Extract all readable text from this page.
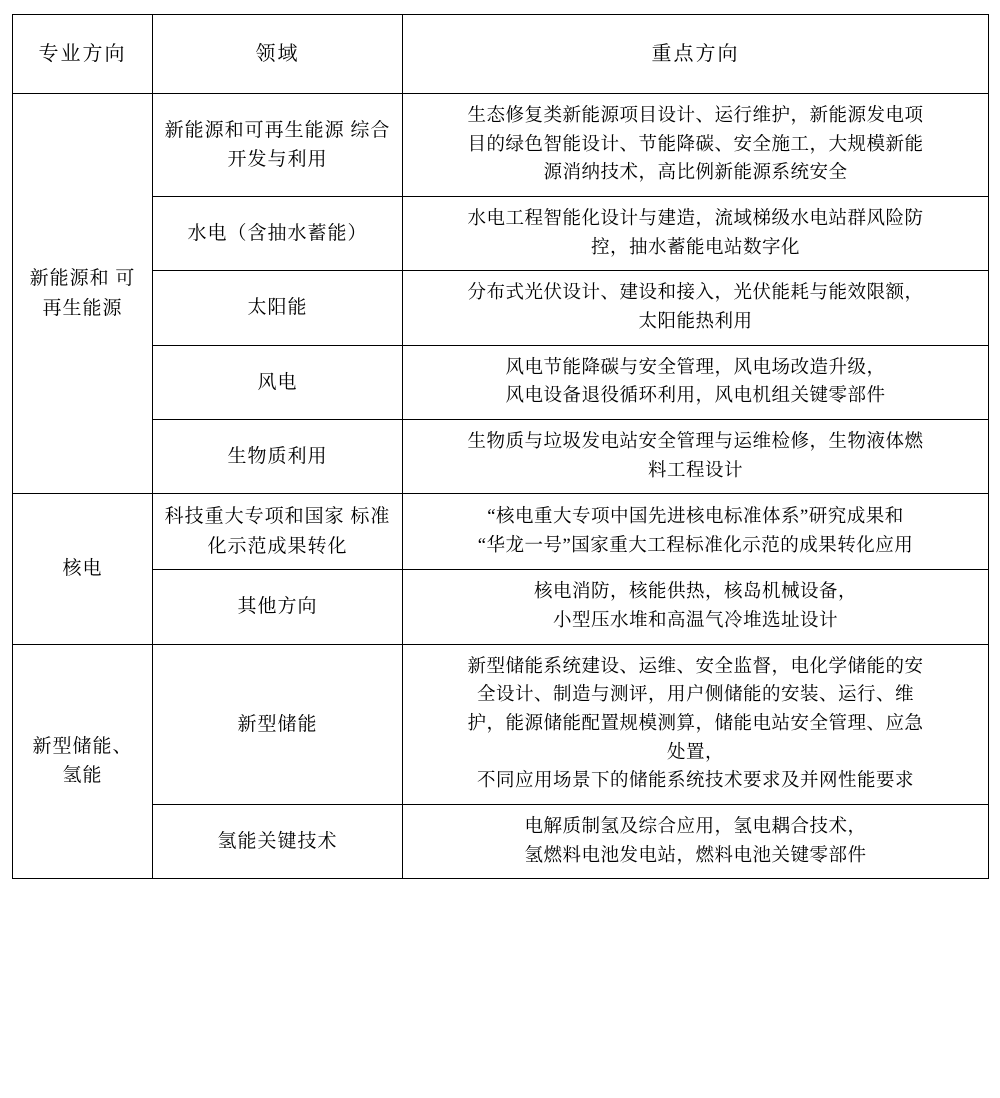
专业方向	领域	重点方向
新能源和 可再生能源	新能源和可再生能源 综合开发与利用	生态修复类新能源项目设计、运行维护，新能源发电项
目的绿色智能设计、节能降碳、安全施工，大规模新能
源消纳技术，高比例新能源系统安全

	水电（含抽水蓄能）	水电工程智能化设计与建造，流域梯级水电站群风险防
控，抽水蓄能电站数字化

	太阳能	分布式光伏设计、建设和接入，光伏能耗与能效限额，
太阳能热利用

	风电	风电节能降碳与安全管理，风电场改造升级，
风电设备退役循环利用，风电机组关键零部件

	生物质利用	生物质与垃圾发电站安全管理与运维检修，生物液体燃
料工程设计

核电	科技重大专项和国家 标准化示范成果转化	“核电重大专项中国先进核电标准体系”研究成果和
“华龙一号”国家重大工程标准化示范的成果转化应用

	其他方向	核电消防，核能供热，核岛机械设备，
小型压水堆和高温气冷堆选址设计

新型储能、 氢能	新型储能	新型储能系统建设、运维、安全监督，电化学储能的安
全设计、制造与测评，用户侧储能的安装、运行、维
护，能源储能配置规模测算，储能电站安全管理、应急
处置，
不同应用场景下的储能系统技术要求及并网性能要求

	氢能关键技术	电解质制氢及综合应用，氢电耦合技术，
氢燃料电池发电站，燃料电池关键零部件
